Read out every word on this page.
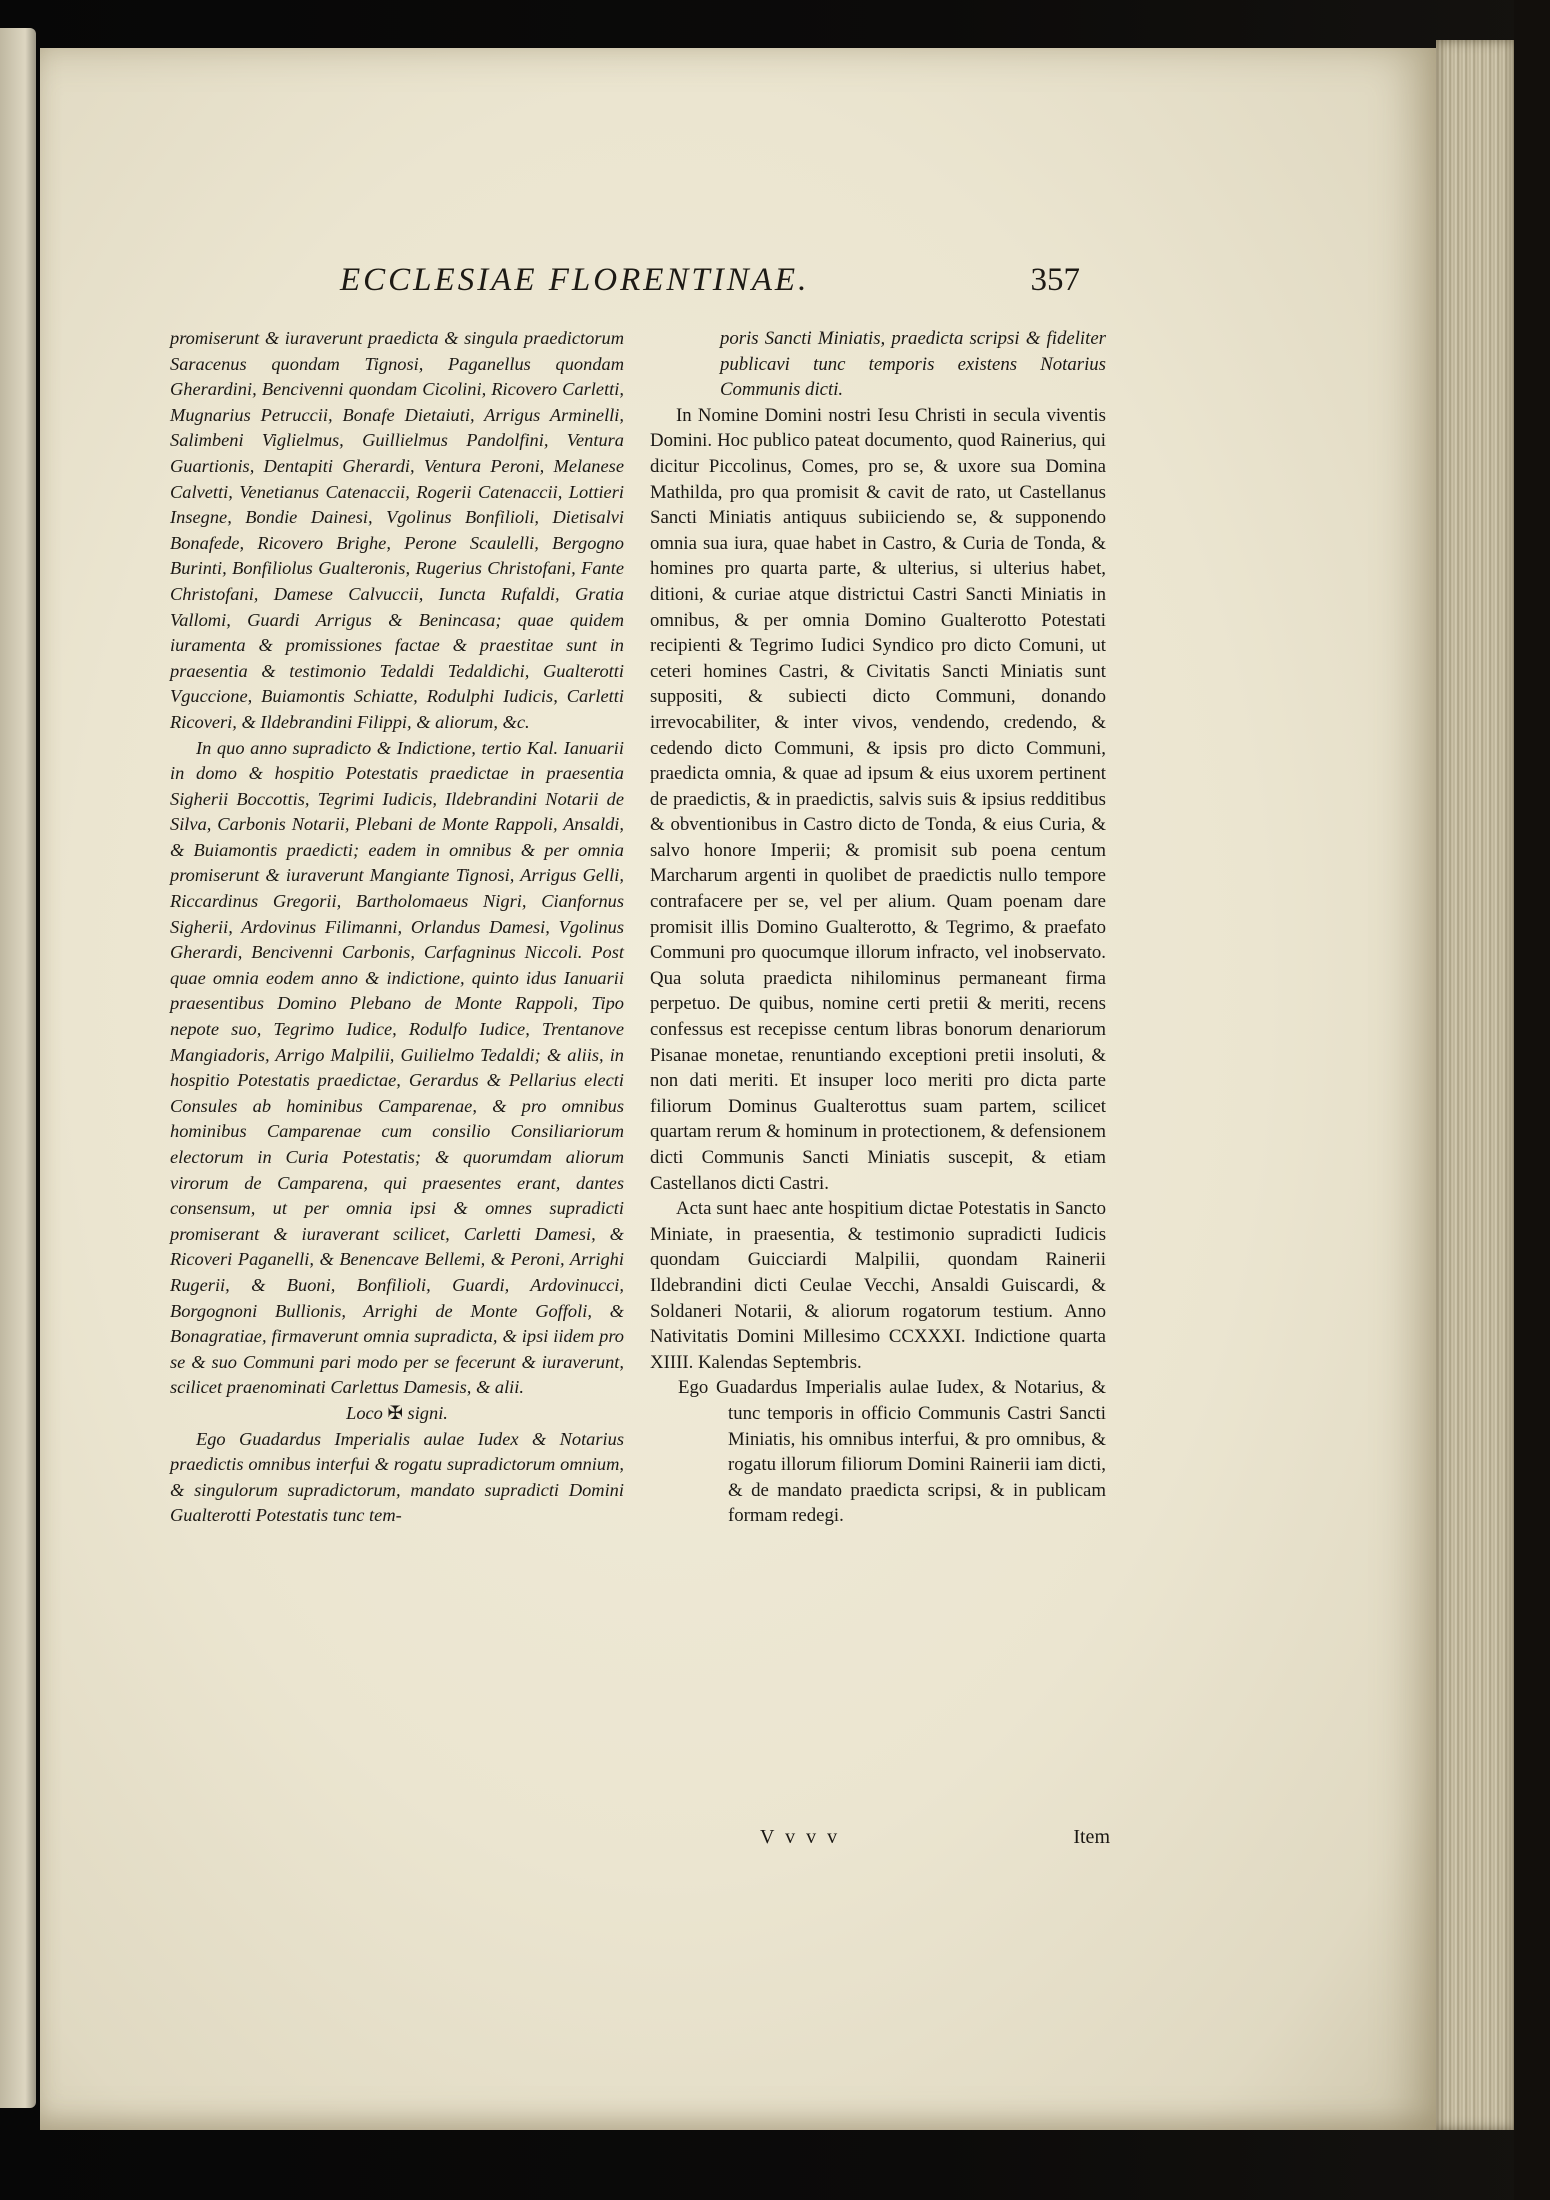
ECCLESIAE FLORENTINAE.	357

promiserunt & iuraverunt praedicta & singula praedictorum Saracenus quondam Tignosi, Paganellus quondam Gherardini, Bencivenni quondam Cicolini, Ricovero Carletti, Mugnarius Petruccii, Bonafe Dietaiuti, Arrigus Arminelli, Salimbeni Viglielmus, Guillielmus Pandolfini, Ventura Guartionis, Dentapiti Gherardi, Ventura Peroni, Melanese Calvetti, Venetianus Catenaccii, Rogerii Catenaccii, Lottieri Insegne, Bondie Dainesi, Vgolinus Bonfilioli, Dietisalvi Bonafede, Ricovero Brighe, Perone Scaulelli, Bergogno Burinti, Bonfiliolus Gualteronis, Rugerius Christofani, Fante Christofani, Damese Calvuccii, Iuncta Rufaldi, Gratia Vallomi, Guardi Arrigus & Benincasa; quae quidem iuramenta & promissiones factae & praestitae sunt in praesentia & testimonio Tedaldi Tedaldichi, Gualterotti Vguccione, Buiamontis Schiatte, Rodulphi Iudicis, Carletti Ricoveri, & Ildebrandini Filippi, & aliorum, &c.

In quo anno supradicto & Indictione, tertio Kal. Ianuarii in domo & hospitio Potestatis praedictae in praesentia Sigherii Boccottis, Tegrimi Iudicis, Ildebrandini Notarii de Silva, Carbonis Notarii, Plebani de Monte Rappoli, Ansaldi, & Buiamontis praedicti; eadem in omnibus & per omnia promiserunt & iuraverunt Mangiante Tignosi, Arrigus Gelli, Riccardinus Gregorii, Bartholomaeus Nigri, Cianfornus Sigherii, Ardovinus Filimanni, Orlandus Damesi, Vgolinus Gherardi, Bencivenni Carbonis, Carfagninus Niccoli. Post quae omnia eodem anno & indictione, quinto idus Ianuarii praesentibus Domino Plebano de Monte Rappoli, Tipo nepote suo, Tegrimo Iudice, Rodulfo Iudice, Trentanove Mangiadoris, Arrigo Malpilii, Guilielmo Tedaldi; & aliis, in hospitio Potestatis praedictae, Gerardus & Pellarius electi Consules ab hominibus Camparenae, & pro omnibus hominibus Camparenae cum consilio Consiliariorum electorum in Curia Potestatis; & quorumdam aliorum virorum de Camparena, qui praesentes erant, dantes consensum, ut per omnia ipsi & omnes supradicti promiserant & iuraverant scilicet, Carletti Damesi, & Ricoveri Paganelli, & Benencave Bellemi, & Peroni, Arrighi Rugerii, & Buoni, Bonfilioli, Guardi, Ardovinucci, Borgognoni Bullionis, Arrighi de Monte Goffoli, & Bonagratiae, firmaverunt omnia supradicta, & ipsi iidem pro se & suo Communi pari modo per se fecerunt & iuraverunt, scilicet praenominati Carlettus Damesis, & alii.

Loco ✠ signi.

Ego Guadardus Imperialis aulae Iudex & Notarius praedictis omnibus interfui & rogatu supradictorum omnium, & singulorum supradictorum, mandato supradicti Domini Gualterotti Potestatis tunc tem-

poris Sancti Miniatis, praedicta scripsi & fideliter publicavi tunc temporis existens Notarius Communis dicti.

In Nomine Domini nostri Iesu Christi in secula viventis Domini. Hoc publico pateat documento, quod Rainerius, qui dicitur Piccolinus, Comes, pro se, & uxore sua Domina Mathilda, pro qua promisit & cavit de rato, ut Castellanus Sancti Miniatis antiquus subiiciendo se, & supponendo omnia sua iura, quae habet in Castro, & Curia de Tonda, & homines pro quarta parte, & ulterius, si ulterius habet, ditioni, & curiae atque districtui Castri Sancti Miniatis in omnibus, & per omnia Domino Gualterotto Potestati recipienti & Tegrimo Iudici Syndico pro dicto Comuni, ut ceteri homines Castri, & Civitatis Sancti Miniatis sunt suppositi, & subiecti dicto Communi, donando irrevocabiliter, & inter vivos, vendendo, credendo, & cedendo dicto Communi, & ipsis pro dicto Communi, praedicta omnia, & quae ad ipsum & eius uxorem pertinent de praedictis, & in praedictis, salvis suis & ipsius redditibus & obventionibus in Castro dicto de Tonda, & eius Curia, & salvo honore Imperii; & promisit sub poena centum Marcharum argenti in quolibet de praedictis nullo tempore contrafacere per se, vel per alium. Quam poenam dare promisit illis Domino Gualterotto, & Tegrimo, & praefato Communi pro quocumque illorum infracto, vel inobservato. Qua soluta praedicta nihilominus permaneant firma perpetuo. De quibus, nomine certi pretii & meriti, recens confessus est recepisse centum libras bonorum denariorum Pisanae monetae, renuntiando exceptioni pretii insoluti, & non dati meriti. Et insuper loco meriti pro dicta parte filiorum Dominus Gualterottus suam partem, scilicet quartam rerum & hominum in protectionem, & defensionem dicti Communis Sancti Miniatis suscepit, & etiam Castellanos dicti Castri.

Acta sunt haec ante hospitium dictae Potestatis in Sancto Miniate, in praesentia, & testimonio supradicti Iudicis quondam Guicciardi Malpilii, quondam Rainerii Ildebrandini dicti Ceulae Vecchi, Ansaldi Guiscardi, & Soldaneri Notarii, & aliorum rogatorum testium. Anno Nativitatis Domini Millesimo CCXXXI. Indictione quarta XIIII. Kalendas Septembris.

Ego Guadardus Imperialis aulae Iudex, & Notarius, & tunc temporis in officio Communis Castri Sancti Miniatis, his omnibus interfui, & pro omnibus, & rogatu illorum filiorum Domini Rainerii iam dicti, & de mandato praedicta scripsi, & in publicam formam redegi.

V v v v	Item
